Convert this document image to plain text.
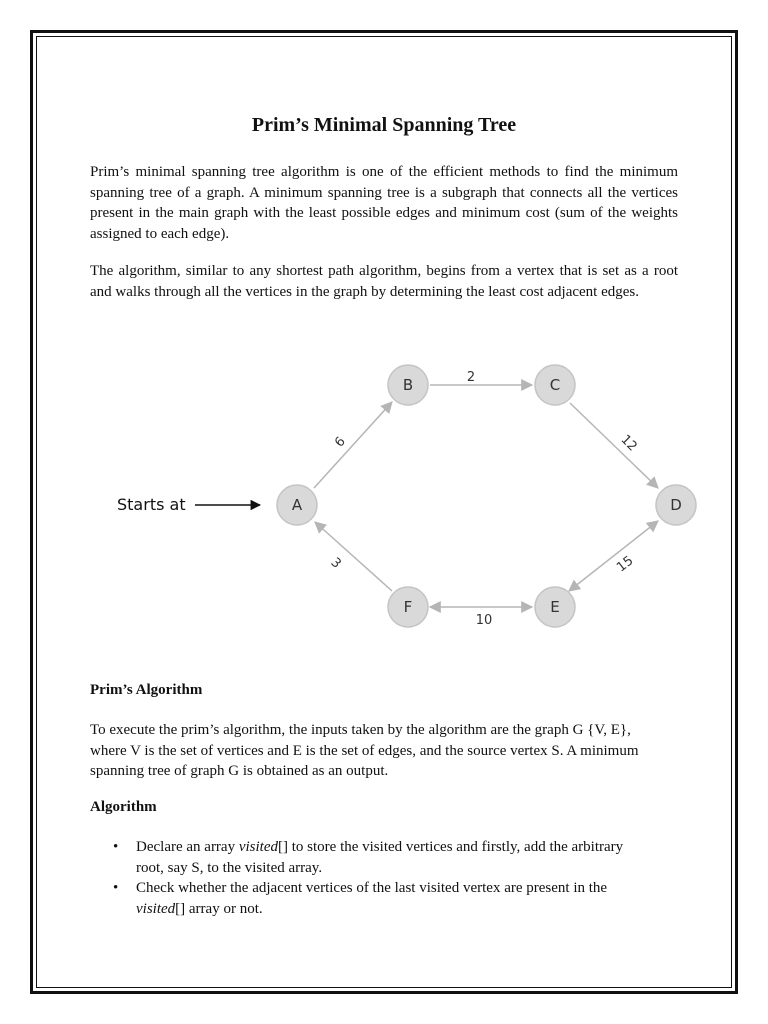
Prim’s Minimal Spanning Tree

Prim’s minimal spanning tree algorithm is one of the efficient methods to find the minimum spanning tree of a graph. A minimum spanning tree is a subgraph that connects all the vertices present in the main graph with the least possible edges and minimum cost (sum of the weights assigned to each edge).

The algorithm, similar to any shortest path algorithm, begins from a vertex that is set as a root and walks through all the vertices in the graph by determining the least cost adjacent edges.

Starts at
6
2
12
15
10
3
A
B	C
D
E
F
Prim’s Algorithm

To execute the prim’s algorithm, the inputs taken by the algorithm are the graph G {V, E}, where V is the set of vertices and E is the set of edges, and the source vertex S. A minimum spanning tree of graph G is obtained as an output.

Algorithm
• Declare an array visited[] to store the visited vertices and firstly, add the arbitrary root, say S, to the visited array.
• Check whether the adjacent vertices of the last visited vertex are present in the visited[] array or not.
